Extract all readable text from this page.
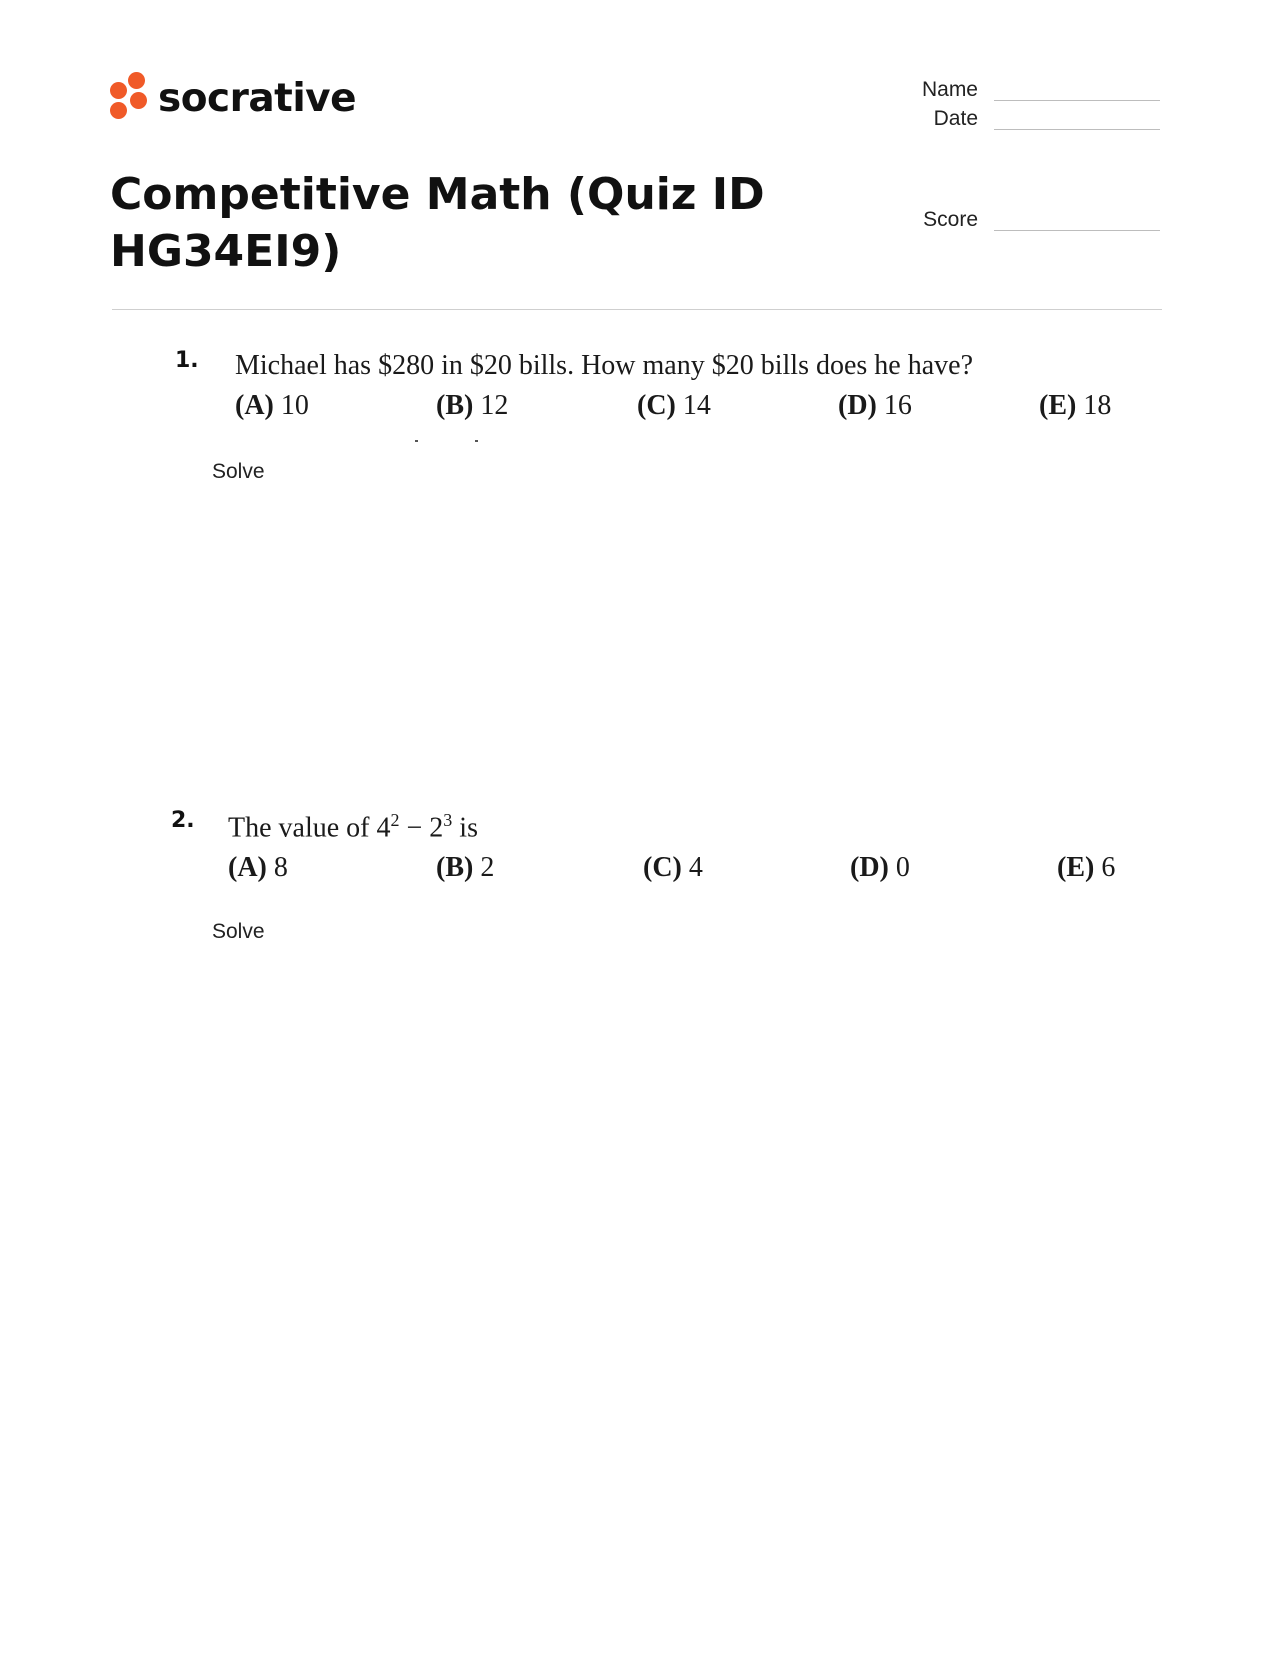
socrative
Competitive Math (Quiz ID HG34EI9)
Name
Date
Score
1. Michael has $280 in $20 bills. How many $20 bills does he have?
(A) 10	(B) 12	(C) 14	(D) 16	(E) 18
Solve
2. The value of $4^2 - 2^3$ is
(A) 8	(B) 2	(C) 4	(D) 0	(E) 6
Solve
